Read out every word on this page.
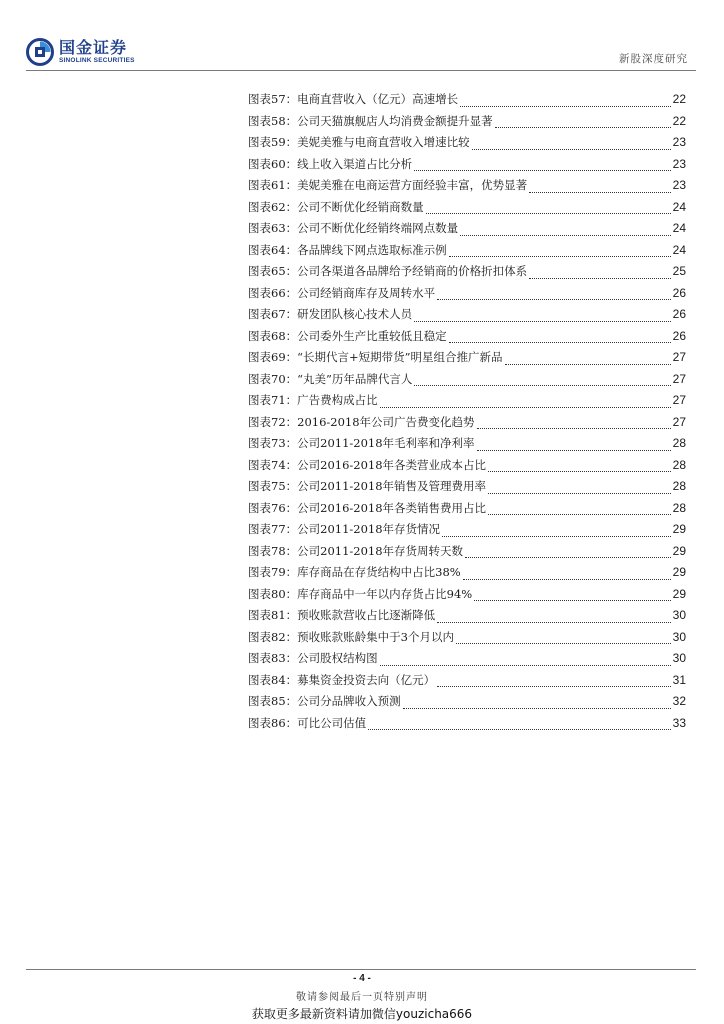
国金证券
SINOLINK SECURITIES	新股深度研究
图表57：电商直营收入（亿元）高速增长	22
图表58：公司天猫旗舰店人均消费金额提升显著	22
图表59：美妮美雅与电商直营收入增速比较	23
图表60：线上收入渠道占比分析	23
图表61：美妮美雅在电商运营方面经验丰富，优势显著	23
图表62：公司不断优化经销商数量	24
图表63：公司不断优化经销终端网点数量	24
图表64：各品牌线下网点选取标准示例	24
图表65：公司各渠道各品牌给予经销商的价格折扣体系	25
图表66：公司经销商库存及周转水平	26
图表67：研发团队核心技术人员	26
图表68：公司委外生产比重较低且稳定	26
图表69：“长期代言+短期带货”明星组合推广新品	27
图表70：“丸美”历年品牌代言人	27
图表71：广告费构成占比	27
图表72：2016-2018年公司广告费变化趋势	27
图表73：公司2011-2018年毛利率和净利率	28
图表74：公司2016-2018年各类营业成本占比	28
图表75：公司2011-2018年销售及管理费用率	28
图表76：公司2016-2018年各类销售费用占比	28
图表77：公司2011-2018年存货情况	29
图表78：公司2011-2018年存货周转天数	29
图表79：库存商品在存货结构中占比38%	29
图表80：库存商品中一年以内存货占比94%	29
图表81：预收账款营收占比逐渐降低	30
图表82：预收账款账龄集中于3个月以内	30
图表83：公司股权结构图	30
图表84：募集资金投资去向（亿元）	31
图表85：公司分品牌收入预测	32
图表86：可比公司估值	33
- 4 -
敬请参阅最后一页特别声明
获取更多最新资料请加微信youzicha666
